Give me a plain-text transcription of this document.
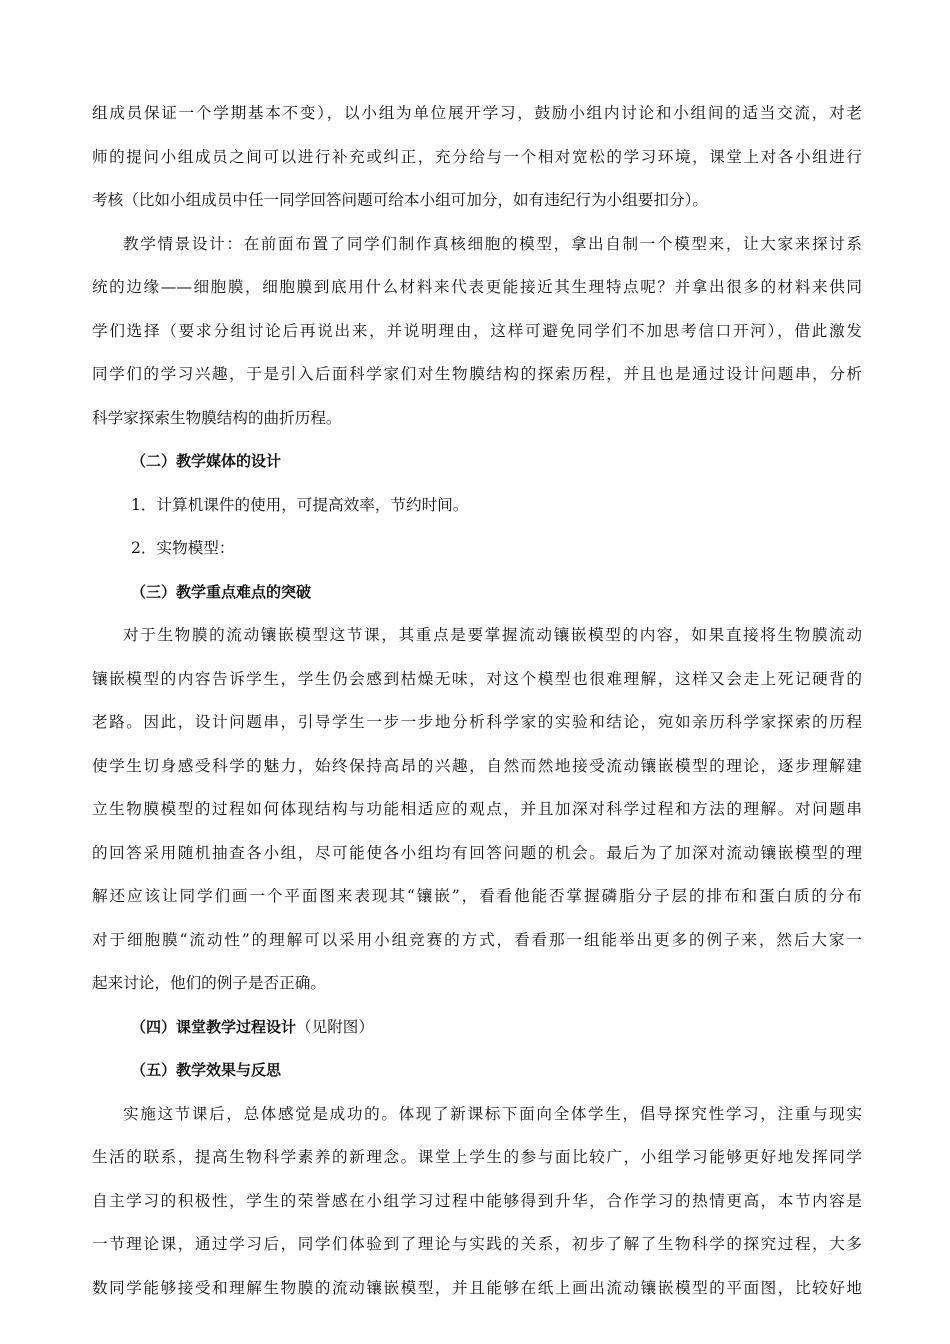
组成员保证一个学期基本不变），以小组为单位展开学习，鼓励小组内讨论和小组间的适当交流，对老
师的提问小组成员之间可以进行补充或纠正，充分给与一个相对宽松的学习环境，课堂上对各小组进行
考核（比如小组成员中任一同学回答问题可给本小组可加分，如有违纪行为小组要扣分）。
教学情景设计：在前面布置了同学们制作真核细胞的模型，拿出自制一个模型来，让大家来探讨系
统的边缘——细胞膜，细胞膜到底用什么材料来代表更能接近其生理特点呢？并拿出很多的材料来供同
学们选择（要求分组讨论后再说出来，并说明理由，这样可避免同学们不加思考信口开河），借此激发
同学们的学习兴趣，于是引入后面科学家们对生物膜结构的探索历程，并且也是通过设计问题串，分析
科学家探索生物膜结构的曲折历程。
（二）教学媒体的设计
1．计算机课件的使用，可提高效率，节约时间。
2．实物模型：
（三）教学重点难点的突破
对于生物膜的流动镶嵌模型这节课，其重点是要掌握流动镶嵌模型的内容，如果直接将生物膜流动
镶嵌模型的内容告诉学生，学生仍会感到枯燥无味，对这个模型也很难理解，这样又会走上死记硬背的
老路。因此，设计问题串，引导学生一步一步地分析科学家的实验和结论，宛如亲历科学家探索的历程
使学生切身感受科学的魅力，始终保持高昂的兴趣，自然而然地接受流动镶嵌模型的理论，逐步理解建
立生物膜模型的过程如何体现结构与功能相适应的观点，并且加深对科学过程和方法的理解。对问题串
的回答采用随机抽查各小组，尽可能使各小组均有回答问题的机会。最后为了加深对流动镶嵌模型的理
解还应该让同学们画一个平面图来表现其“镶嵌”，看看他能否掌握磷脂分子层的排布和蛋白质的分布
对于细胞膜“流动性”的理解可以采用小组竞赛的方式，看看那一组能举出更多的例子来，然后大家一
起来讨论，他们的例子是否正确。
（四）课堂教学过程设计（见附图）
（五）教学效果与反思
实施这节课后，总体感觉是成功的。体现了新课标下面向全体学生，倡导探究性学习，注重与现实
生活的联系，提高生物科学素养的新理念。课堂上学生的参与面比较广，小组学习能够更好地发挥同学
自主学习的积极性，学生的荣誉感在小组学习过程中能够得到升华，合作学习的热情更高，本节内容是
一节理论课，通过学习后，同学们体验到了理论与实践的关系，初步了解了生物科学的探究过程，大多
数同学能够接受和理解生物膜的流动镶嵌模型，并且能够在纸上画出流动镶嵌模型的平面图，比较好地
